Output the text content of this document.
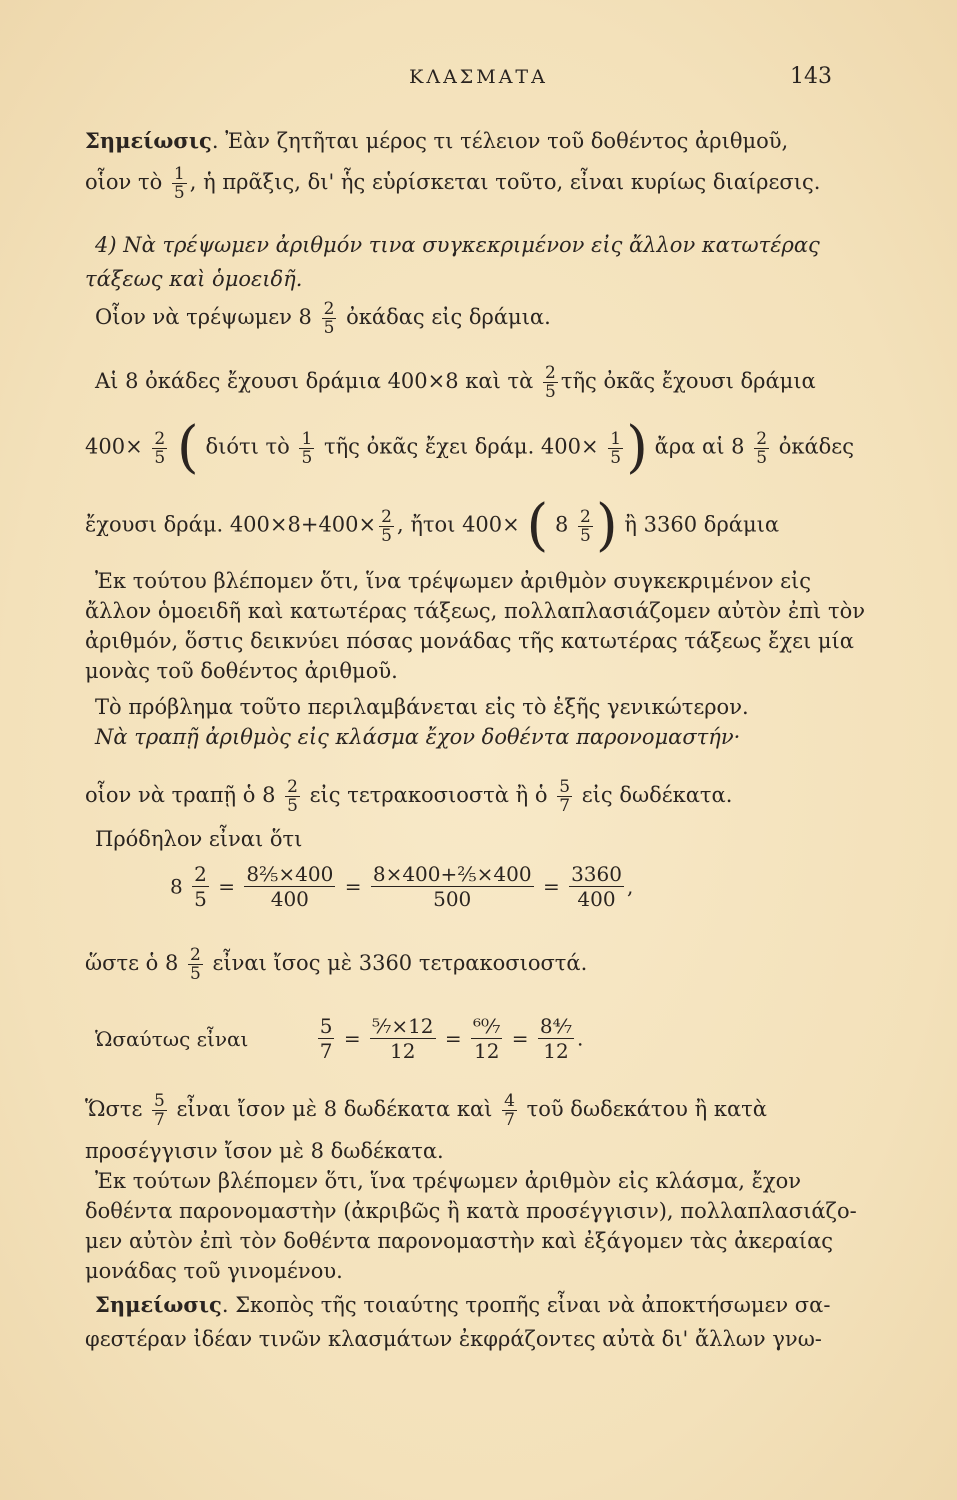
ΚΛΑΣΜΑΤΑ	143
Σημείωσις. Ἐὰν ζητῆται μέρος τι τέλειον τοῦ δοθέντος ἀριθμοῦ,
οἷον τὸ $\frac{1}{5}$ , ἡ πρᾶξις, δι' ἧς εὑρίσκεται τοῦτο, εἶναι κυρίως διαίρεσις.
4) Νὰ τρέψωμεν ἀριθμόν τινα συγκεκριμένον εἰς ἄλλον κατωτέρας
τάξεως καὶ ὁμοειδῆ.
Οἷον νὰ τρέψωμεν $8 \frac{2}{5}$ ὀκάδας εἰς δράμια.
Αἱ 8 ὀκάδες ἔχουσι δράμια 400×8 καὶ τὰ $\frac{2}{5}$ τῆς ὀκᾶς ἔχουσι δράμια
$400\times \frac{2}{5}$ ( διότι τὸ $\frac{1}{5}$ τῆς ὀκᾶς ἔχει δράμ. $400\times \frac{1}{5}$ ) ἄρα αἱ $8 \frac{2}{5}$ ὀκάδες
ἔχουσι δράμ. $400\times 8+400\times \frac{2}{5}$ , ἤτοι 400× ( $8 \frac{2}{5}$ ) ἢ 3360 δράμια
Ἐκ τούτου βλέπομεν ὅτι, ἵνα τρέψωμεν ἀριθμὸν συγκεκριμένον εἰς
ἄλλον ὁμοειδῆ καὶ κατωτέρας τάξεως, πολλαπλασιάζομεν αὐτὸν ἐπὶ τὸν
ἀριθμόν, ὅστις δεικνύει πόσας μονάδας τῆς κατωτέρας τάξεως ἔχει μία
μονὰς τοῦ δοθέντος ἀριθμοῦ.
Τὸ πρόβλημα τοῦτο περιλαμβάνεται εἰς τὸ ἑξῆς γενικώτερον.
Νὰ τραπῇ ἀριθμὸς εἰς κλάσμα ἔχον δοθέντα παρονομαστήν·
οἷον νὰ τραπῇ ὁ $8 \frac{2}{5}$ εἰς τετρακοσιοστὰ ἢ ὁ $\frac{5}{7}$ εἰς δωδέκατα.
Πρόδηλον εἶναι ὅτι
$8 \frac{2}{5} = \frac{\text{8⅖×400}}{400} = \frac{\text{8×400+⅖×400}}{500} = \frac{3360}{400}$ ,
ὥστε ὁ $8 \frac{2}{5}$ εἶναι ἴσος μὲ 3360 τετρακοσιοστά.
Ὡσαύτως εἶναι	$\frac{5}{7} = \frac{\text{⁵⁄₇×12}}{12} = \frac{\text{⁶⁰⁄₇}}{12} = \frac{\text{8⁴⁄₇}}{12}$ .
Ὥστε $\frac{5}{7}$ εἶναι ἴσον μὲ 8 δωδέκατα καὶ $\frac{4}{7}$ τοῦ δωδεκάτου ἢ κατὰ
προσέγγισιν ἴσον μὲ 8 δωδέκατα.
Ἐκ τούτων βλέπομεν ὅτι, ἵνα τρέψωμεν ἀριθμὸν εἰς κλάσμα, ἔχον
δοθέντα παρονομαστὴν (ἀκριβῶς ἢ κατὰ προσέγγισιν), πολλαπλασιάζο-
μεν αὐτὸν ἐπὶ τὸν δοθέντα παρονομαστὴν καὶ ἐξάγομεν τὰς ἀκεραίας
μονάδας τοῦ γινομένου.
Σημείωσις. Σκοπὸς τῆς τοιαύτης τροπῆς εἶναι νὰ ἀποκτήσωμεν σα-
φεστέραν ἰδέαν τινῶν κλασμάτων ἐκφράζοντες αὐτὰ δι' ἄλλων γνω-
